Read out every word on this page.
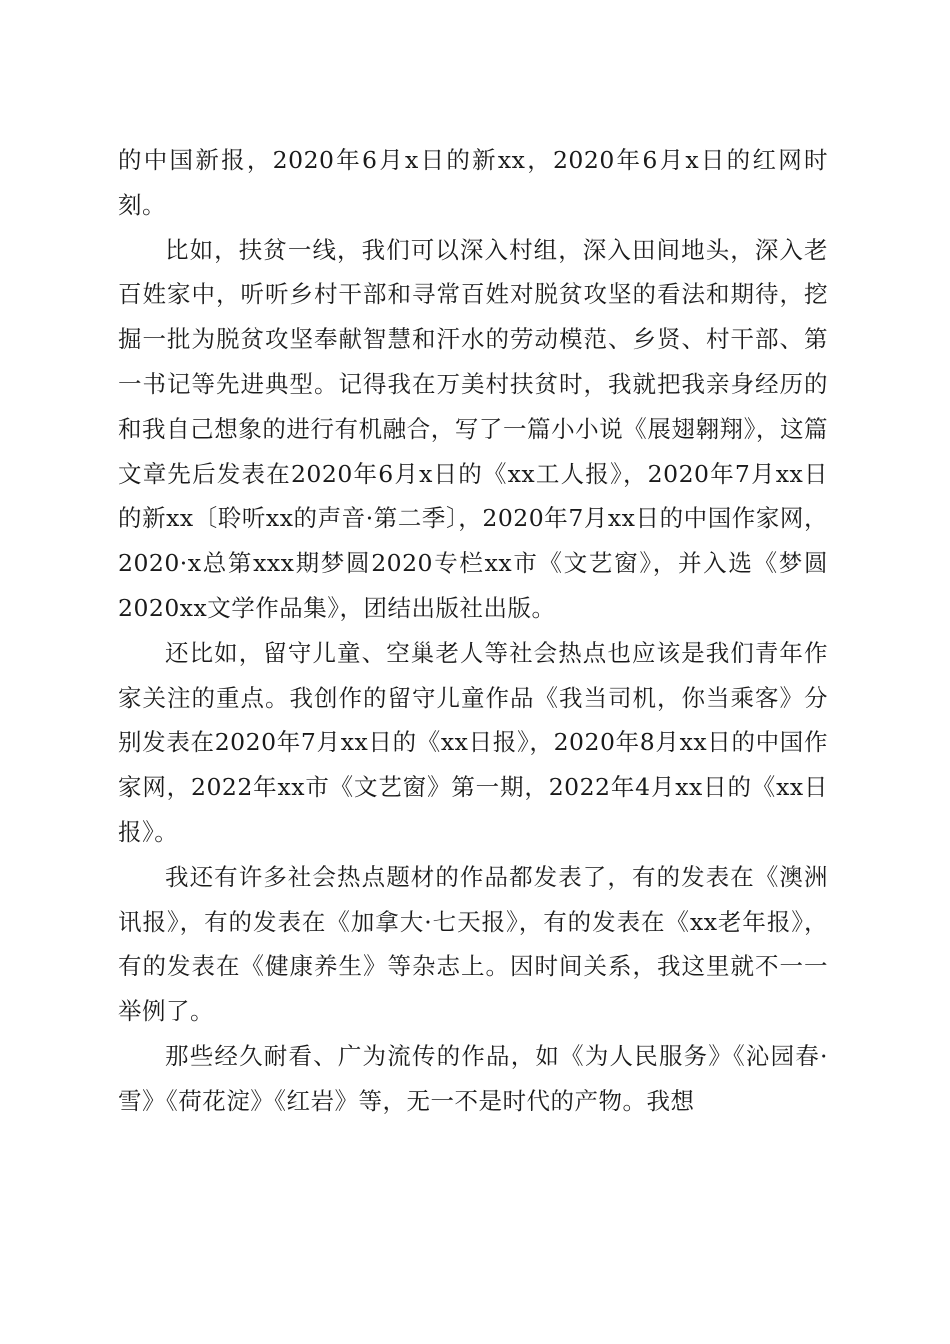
的中国新报，2020年6月x日的新xx，2020年6月x日的红网时刻。

比如，扶贫一线，我们可以深入村组，深入田间地头，深入老百姓家中，听听乡村干部和寻常百姓对脱贫攻坚的看法和期待，挖掘一批为脱贫攻坚奉献智慧和汗水的劳动模范、乡贤、村干部、第一书记等先进典型。记得我在万美村扶贫时，我就把我亲身经历的和我自己想象的进行有机融合，写了一篇小小说《展翅翱翔》，这篇文章先后发表在2020年6月x日的《xx工人报》，2020年7月xx日的新xx〔聆听xx的声音·第二季〕，2020年7月xx日的中国作家网，2020·x总第xxx期梦圆2020专栏xx市《文艺窗》，并入选《梦圆2020xx文学作品集》，团结出版社出版。

还比如，留守儿童、空巢老人等社会热点也应该是我们青年作家关注的重点。我创作的留守儿童作品《我当司机，你当乘客》分别发表在2020年7月xx日的《xx日报》，2020年8月xx日的中国作家网，2022年xx市《文艺窗》第一期，2022年4月xx日的《xx日报》。

我还有许多社会热点题材的作品都发表了，有的发表在《澳洲讯报》，有的发表在《加拿大·七天报》，有的发表在《xx老年报》，有的发表在《健康养生》等杂志上。因时间关系，我这里就不一一举例了。

那些经久耐看、广为流传的作品，如《为人民服务》《沁园春·雪》《荷花淀》《红岩》等，无一不是时代的产物。我想
